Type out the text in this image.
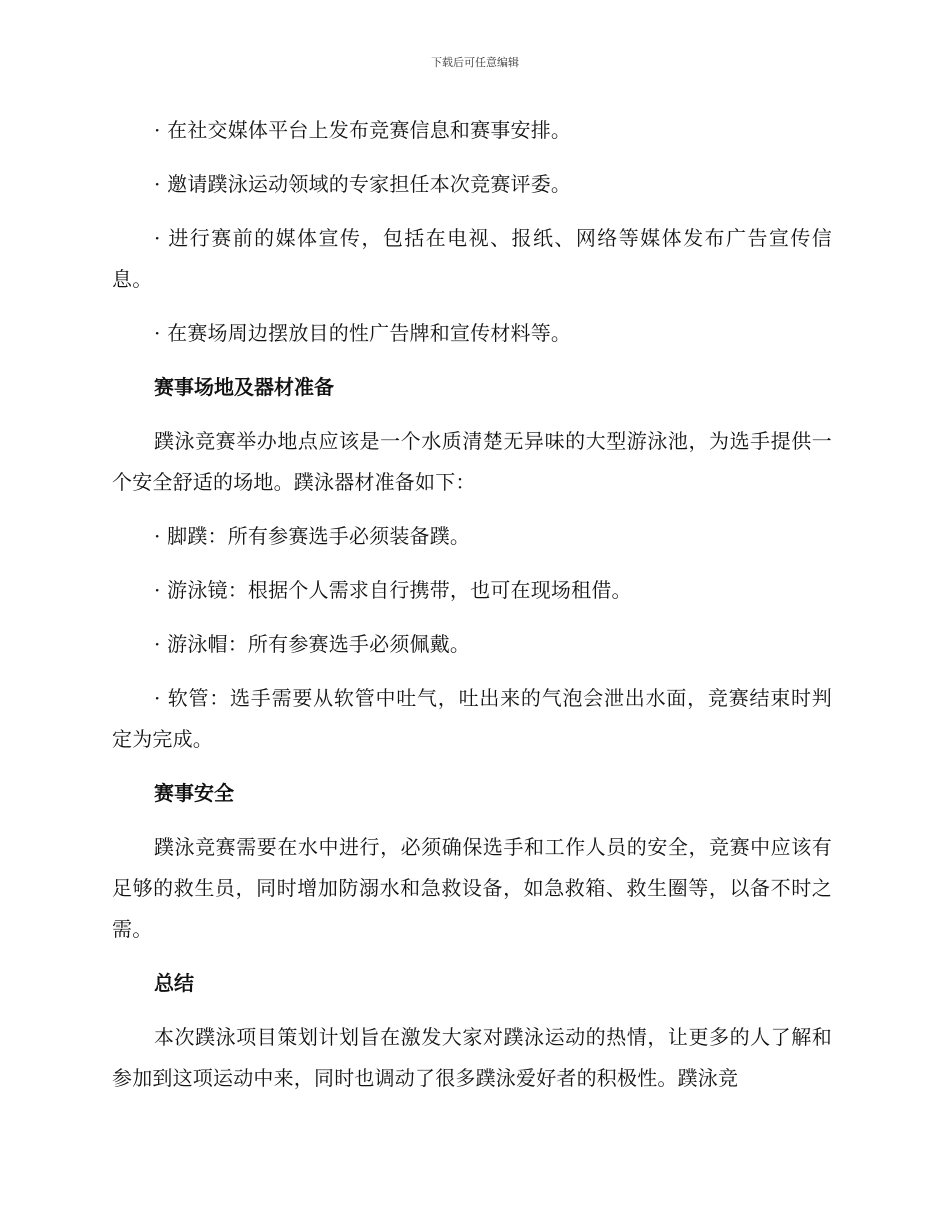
下载后可任意编辑

· 在社交媒体平台上发布竞赛信息和赛事安排。

· 邀请蹼泳运动领域的专家担任本次竞赛评委。

· 进行赛前的媒体宣传，包括在电视、报纸、网络等媒体发布广告宣传信息。

· 在赛场周边摆放目的性广告牌和宣传材料等。

赛事场地及器材准备

蹼泳竞赛举办地点应该是一个水质清楚无异味的大型游泳池，为选手提供一个安全舒适的场地。蹼泳器材准备如下：

· 脚蹼：所有参赛选手必须装备蹼。

· 游泳镜：根据个人需求自行携带，也可在现场租借。

· 游泳帽：所有参赛选手必须佩戴。

· 软管：选手需要从软管中吐气，吐出来的气泡会泄出水面，竞赛结束时判定为完成。

赛事安全

蹼泳竞赛需要在水中进行，必须确保选手和工作人员的安全，竞赛中应该有足够的救生员，同时增加防溺水和急救设备，如急救箱、救生圈等，以备不时之需。

总结

本次蹼泳项目策划计划旨在激发大家对蹼泳运动的热情，让更多的人了解和参加到这项运动中来，同时也调动了很多蹼泳爱好者的积极性。蹼泳竞
